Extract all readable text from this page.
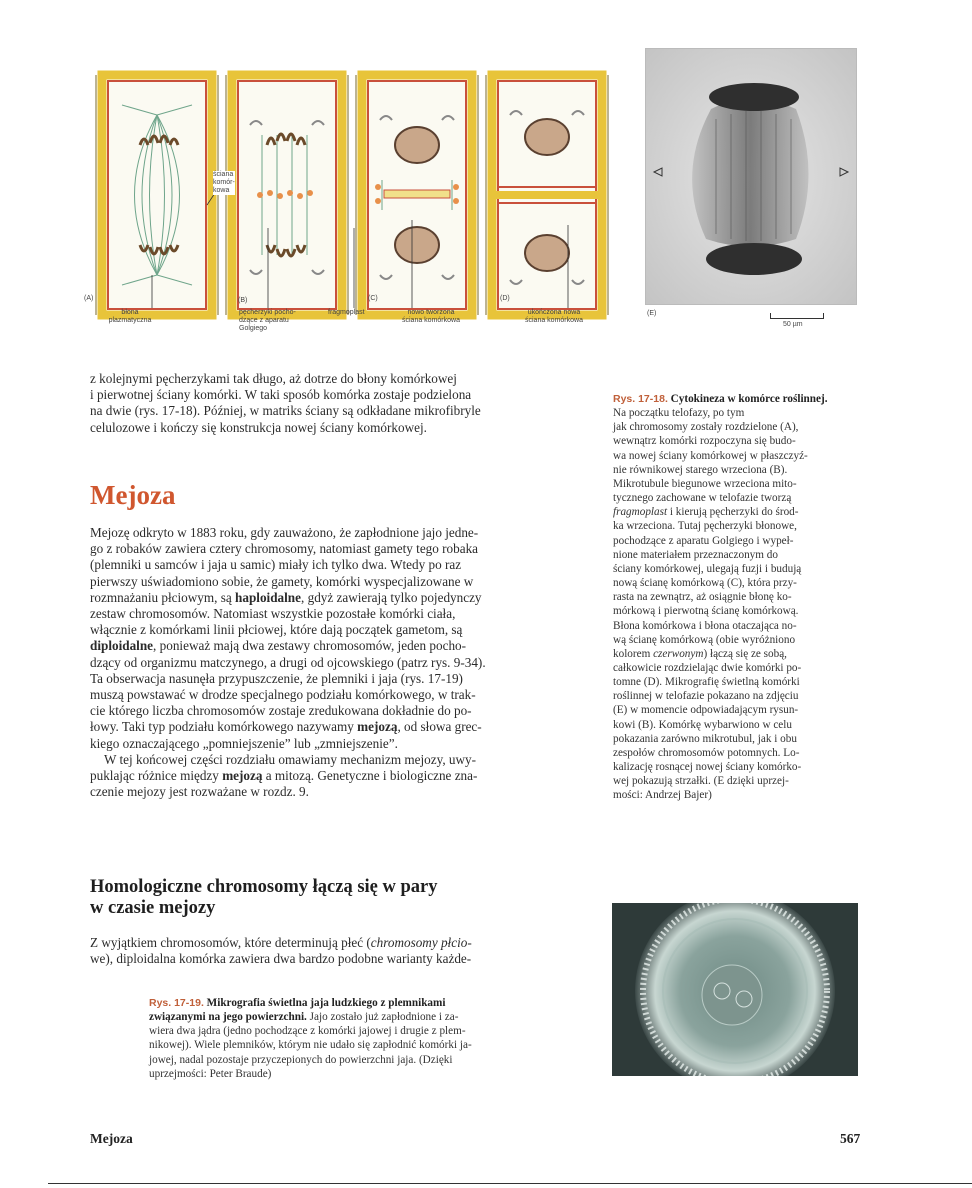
ściana
komór-
kowa
(A)	(B)	(C)	(D)
błona
plazmatyczna
pęcherzyki pocho-
dzące z aparatu
Golgiego
fragmoplast	nowo tworzona
ściana komórkowa
ukończona nowa
ściana komórkowa
(E)
50 µm
z kolejnymi pęcherzykami tak długo, aż dotrze do błony komórkowej
i pierwotnej ściany komórki. W taki sposób komórka zostaje podzielona
na dwie (rys. 17-18). Później, w matriks ściany są odkładane mikrofibryle
celulozowe i kończy się konstrukcja nowej ściany komórkowej.
Rys. 17-18. Cytokineza w komórce roślinnej.
Na początku telofazy, po tym
jak chromosomy zostały rozdzielone (A),
wewnątrz komórki rozpoczyna się budo-
wa nowej ściany komórkowej w płaszczyź-
nie równikowej starego wrzeciona (B).
Mikrotubule biegunowe wrzeciona mito-
tycznego zachowane w telofazie tworzą
fragmoplast i kierują pęcherzyki do środ-
ka wrzeciona. Tutaj pęcherzyki błonowe,
pochodzące z aparatu Golgiego i wypeł-
nione materiałem przeznaczonym do
ściany komórkowej, ulegają fuzji i budują
nową ścianę komórkową (C), która przy-
rasta na zewnątrz, aż osiągnie błonę ko-
mórkową i pierwotną ścianę komórkową.
Błona komórkowa i błona otaczająca no-
wą ścianę komórkową (obie wyróżniono
kolorem czerwonym) łączą się ze sobą,
całkowicie rozdzielając dwie komórki po-
tomne (D). Mikrografię świetlną komórki
roślinnej w telofazie pokazano na zdjęciu
(E) w momencie odpowiadającym rysun-
kowi (B). Komórkę wybarwiono w celu
pokazania zarówno mikrotubul, jak i obu
zespołów chromosomów potomnych. Lo-
kalizację rosnącej nowej ściany komórko-
wej pokazują strzałki. (E dzięki uprzej-
mości: Andrzej Bajer)
Mejoza
Mejozę odkryto w 1883 roku, gdy zauważono, że zapłodnione jajo jedne-
go z robaków zawiera cztery chromosomy, natomiast gamety tego robaka
(plemniki u samców i jaja u samic) miały ich tylko dwa. Wtedy po raz
pierwszy uświadomiono sobie, że gamety, komórki wyspecjalizowane w
rozmnażaniu płciowym, są haploidalne, gdyż zawierają tylko pojedynczy
zestaw chromosomów. Natomiast wszystkie pozostałe komórki ciała,
włącznie z komórkami linii płciowej, które dają początek gametom, są
diploidalne, ponieważ mają dwa zestawy chromosomów, jeden pocho-
dzący od organizmu matczynego, a drugi od ojcowskiego (patrz rys. 9-34).
Ta obserwacja nasunęła przypuszczenie, że plemniki i jaja (rys. 17-19)
muszą powstawać w drodze specjalnego podziału komórkowego, w trak-
cie którego liczba chromosomów zostaje zredukowana dokładnie do po-
łowy. Taki typ podziału komórkowego nazywamy mejozą, od słowa grec-
kiego oznaczającego „pomniejszenie” lub „zmniejszenie”.
W tej końcowej części rozdziału omawiamy mechanizm mejozy, uwy-
puklając różnice między mejozą a mitozą. Genetyczne i biologiczne zna-
czenie mejozy jest rozważane w rozdz. 9.
Homologiczne chromosomy łączą się w pary
w czasie mejozy
Z wyjątkiem chromosomów, które determinują płeć (chromosomy płcio-
we), diploidalna komórka zawiera dwa bardzo podobne warianty każde-
Rys. 17-19. Mikrografia świetlna jaja ludzkiego z plemnikami
związanymi na jego powierzchni. Jajo zostało już zapłodnione i za-
wiera dwa jądra (jedno pochodzące z komórki jajowej i drugie z plem-
nikowej). Wiele plemników, którym nie udało się zapłodnić komórki ja-
jowej, nadal pozostaje przyczepionych do powierzchni jaja. (Dzięki
uprzejmości: Peter Braude)
Mejoza	567
